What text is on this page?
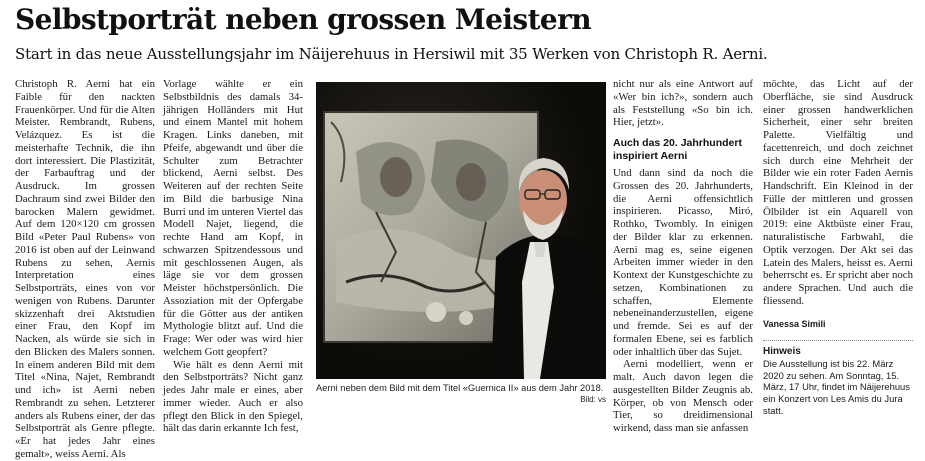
Selbstporträt neben grossen Meistern
Start in das neue Ausstellungsjahr im Näijerehuus in Hersiwil mit 35 Werken von Christoph R. Aerni.

Christoph R. Aerni hat ein Faible für den nackten Frauenkörper. Und für die Alten Meister. Rembrandt, Rubens, Velázquez. Es ist die meisterhafte Technik, die ihn dort interessiert. Die Plastizität, der Farbauftrag und der Ausdruck. Im grossen Dachraum sind zwei Bilder den barocken Malern gewidmet. Auf dem 120×120 cm grossen Bild «Peter Paul Rubens» von 2016 ist oben auf der Leinwand Rubens zu sehen, Aernis Interpretation eines Selbstporträts, eines von vor wenigen von Rubens. Darunter skizzenhaft drei Aktstudien einer Frau, den Kopf im Nacken, als würde sie sich in den Blicken des Malers sonnen. In einem anderen Bild mit dem Titel «Nina, Najet, Rembrandt und ich» ist Aerni neben Rembrandt zu sehen. Letzterer anders als Rubens einer, der das Selbstporträt als Genre pflegte. «Er hat jedes Jahr eines gemalt», weiss Aerni. Als

Vorlage wählte er ein Selbstbildnis des damals 34-jährigen Holländers mit Hut und einem Mantel mit hohem Kragen. Links daneben, mit Pfeife, abgewandt und über die Schulter zum Betrachter blickend, Aerni selbst. Des Weiteren auf der rechten Seite im Bild die barbusige Nina Burri und im unteren Viertel das Modell Najet, liegend, die rechte Hand am Kopf, in schwarzen Spitzendessous und mit geschlossenen Augen, als läge sie vor dem grossen Meister höchstpersönlich. Die Assoziation mit der Opfergabe für die Götter aus der antiken Mythologie blitzt auf. Und die Frage: Wer oder was wird hier welchem Gott geopfert?

Wie hält es denn Aerni mit den Selbstporträts? Nicht ganz jedes Jahr male er eines, aber immer wieder. Auch er also pflegt den Blick in den Spiegel, hält das darin erkannte Ich fest,

Aerni neben dem Bild mit dem Titel «Guernica II» aus dem Jahr 2018.
Bild: vs

nicht nur als eine Antwort auf «Wer bin ich?», sondern auch als Feststellung «So bin ich. Hier, jetzt».

Auch das 20. Jahrhundert inspiriert Aerni

Und dann sind da noch die Grossen des 20. Jahrhunderts, die Aerni offensichtlich inspirieren. Picasso, Miró, Rothko, Twombly. In einigen der Bilder klar zu erkennen. Aerni mag es, seine eigenen Arbeiten immer wieder in den Kontext der Kunstgeschichte zu setzen, Kombinationen zu schaffen, Elemente nebeneinanderzustellen, eigene und fremde. Sei es auf der formalen Ebene, sei es farblich oder inhaltlich über das Sujet.

Aerni modelliert, wenn er malt. Auch davon legen die ausgestellten Bilder Zeugnis ab. Körper, ob von Mensch oder Tier, so dreidimensional wirkend, dass man sie anfassen

möchte, das Licht auf der Oberfläche, sie sind Ausdruck einer grossen handwerklichen Sicherheit, einer sehr breiten Palette. Vielfältig und facettenreich, und doch zeichnet sich durch eine Mehrheit der Bilder wie ein roter Faden Aernis Handschrift. Ein Kleinod in der Fülle der mittleren und grossen Ölbilder ist ein Aquarell von 2019: eine Aktbüste einer Frau, naturalistische Farbwahl, die Optik verzogen. Der Akt sei das Latein des Malers, heisst es. Aerni beherrscht es. Er spricht aber noch andere Sprachen. Und auch die fliessend.

Vanessa Simili
Hinweis
Die Ausstellung ist bis 22. März 2020 zu sehen. Am Sonntag, 15. März, 17 Uhr, findet im Näijerehuus ein Konzert von Les Amis du Jura statt.
